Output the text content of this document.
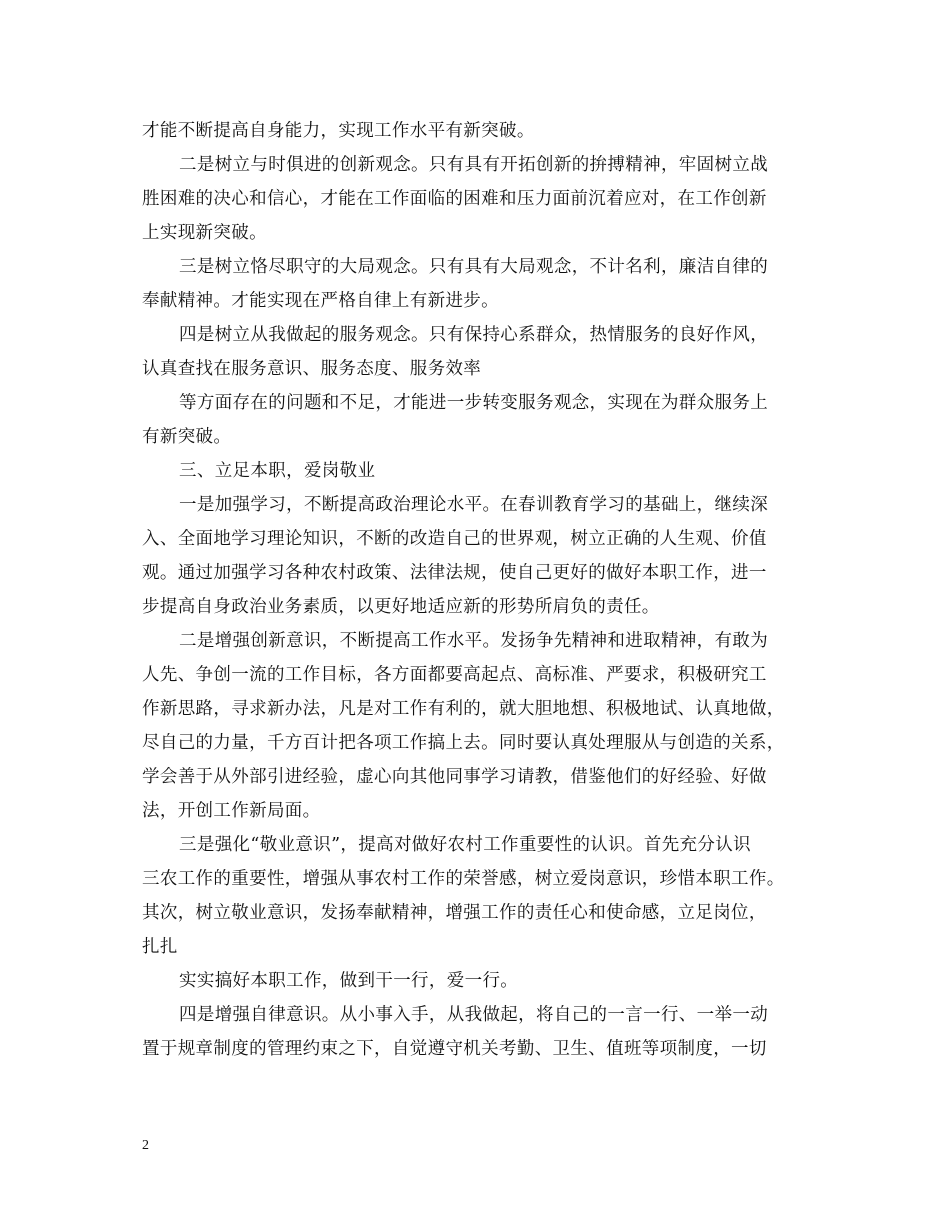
才能不断提高自身能力，实现工作水平有新突破。
二是树立与时俱进的创新观念。只有具有开拓创新的拚搏精神，牢固树立战
胜困难的决心和信心，才能在工作面临的困难和压力面前沉着应对，在工作创新
上实现新突破。
三是树立恪尽职守的大局观念。只有具有大局观念，不计名利，廉洁自律的
奉献精神。才能实现在严格自律上有新进步。
四是树立从我做起的服务观念。只有保持心系群众，热情服务的良好作风，
认真查找在服务意识、服务态度、服务效率
等方面存在的问题和不足，才能进一步转变服务观念，实现在为群众服务上
有新突破。
三、立足本职，爱岗敬业
一是加强学习，不断提高政治理论水平。在春训教育学习的基础上，继续深
入、全面地学习理论知识，不断的改造自己的世界观，树立正确的人生观、价值
观。通过加强学习各种农村政策、法律法规，使自己更好的做好本职工作，进一
步提高自身政治业务素质，以更好地适应新的形势所肩负的责任。
二是增强创新意识，不断提高工作水平。发扬争先精神和进取精神，有敢为
人先、争创一流的工作目标，各方面都要高起点、高标准、严要求，积极研究工
作新思路，寻求新办法，凡是对工作有利的，就大胆地想、积极地试、认真地做，
尽自己的力量，千方百计把各项工作搞上去。同时要认真处理服从与创造的关系，
学会善于从外部引进经验，虚心向其他同事学习请教，借鉴他们的好经验、好做
法，开创工作新局面。
三是强化“敬业意识”，提高对做好农村工作重要性的认识。首先充分认识
三农工作的重要性，增强从事农村工作的荣誉感，树立爱岗意识，珍惜本职工作。
其次，树立敬业意识，发扬奉献精神，增强工作的责任心和使命感，立足岗位，
扎扎
实实搞好本职工作，做到干一行，爱一行。
四是增强自律意识。从小事入手，从我做起，将自己的一言一行、一举一动
置于规章制度的管理约束之下，自觉遵守机关考勤、卫生、值班等项制度，一切
2
